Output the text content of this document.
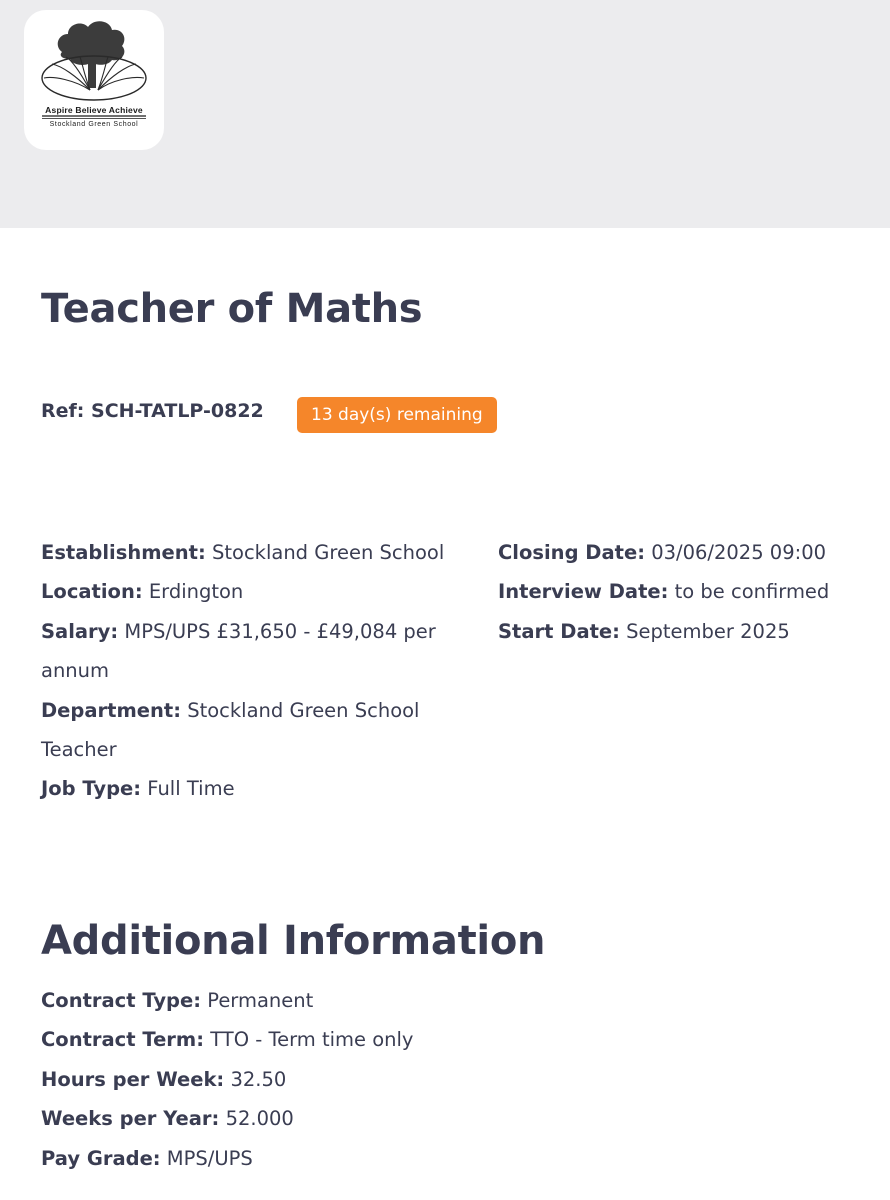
Aspire Believe Achieve
Stockland Green School
Teacher of Maths
Ref: SCH-TATLP-0822	13 day(s) remaining

Establishment: Stockland Green School

Location: Erdington

Salary: MPS/UPS £31,650 - £49,084 per annum

Department: Stockland Green School Teacher

Job Type: Full Time

Closing Date: 03/06/2025 09:00

Interview Date: to be confirmed

Start Date: September 2025

Additional Information

Contract Type: Permanent

Contract Term: TTO - Term time only

Hours per Week: 32.50

Weeks per Year: 52.000

Pay Grade: MPS/UPS
